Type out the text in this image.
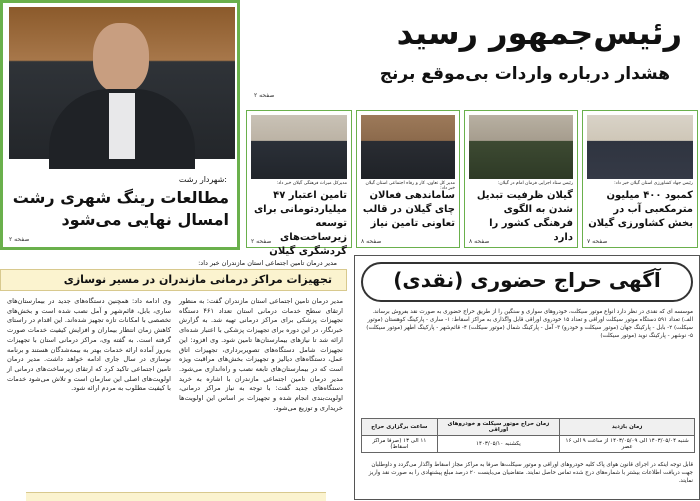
شهردار رشت:
مطالعات رینگ شهری رشت امسال نهایی می‌شود
صفحه ۲
رئیس‌جمهور رسید
هشدار درباره واردات بی‌موقع برنج
صفحه ۲
رئیس جهاد کشاورزی استان گیلان خبر داد:
کمبود ۴۰۰ میلیون مترمکعبی آب در بخش کشاورزی گیلان
صفحه ۷
رئیس ستاد اجرایی فرمان امام در گیلان:
گیلان ظرفیت تبدیل شدن به الگوی فرهنگی کشور را دارد
صفحه ۸
مدیر کل تعاون، کار و رفاه اجتماعی استان گیلان خبر داد:
ساماندهی فعالان چای گیلان در قالب تعاونی تامین نیاز
صفحه ۸
مدیرکل میراث فرهنگی گیلان خبر داد:
تامین اعتبار ۴۷ میلیاردتومانی برای توسعه زیرساخت‌های گردشگری گیلان
صفحه ۲
مدیر درمان تامین اجتماعی استان مازندران خبر داد:
تجهیزات مراکز درمانی مازندران در مسیر نوسازی
مدیر درمان تامین اجتماعی استان مازندران گفت: به منظور ارتقای سطح خدمات درمانی استان تعداد ۴۶۱ دستگاه تجهیزات پزشکی برای مراکز درمانی تهیه شد. به گزارش خبرنگار، در این دوره برای تجهیزات پزشکی با اعتبار شده‌ای ارائه شد تا نیازهای بیمارستان‌ها تامین شود. وی افزود: این تجهیزات شامل دستگاه‌های تصویربرداری، تجهیزات اتاق عمل، دستگاه‌های دیالیز و تجهیزات بخش‌های مراقبت ویژه است که در بیمارستان‌های تابعه نصب و راه‌اندازی می‌شود. مدیر درمان تامین اجتماعی مازندران با اشاره به خرید دستگاه‌های جدید گفت: با توجه به نیاز مراکز درمانی، اولویت‌بندی انجام شده و تجهیزات بر اساس این اولویت‌ها خریداری و توزیع می‌شود.
وی ادامه داد: همچنین دستگاه‌های جدید در بیمارستان‌های ساری، بابل، قائم‌شهر و آمل نصب شده است و بخش‌های تخصصی با امکانات تازه تجهیز شده‌اند. این اقدام در راستای کاهش زمان انتظار بیماران و افزایش کیفیت خدمات صورت گرفته است. به گفته وی، مراکز درمانی استان با تجهیزات به‌روز آماده ارائه خدمات بهتر به بیمه‌شدگان هستند و برنامه نوسازی در سال جاری ادامه خواهد داشت. مدیر درمان تامین اجتماعی تاکید کرد که ارتقای زیرساخت‌های درمانی از اولویت‌های اصلی این سازمان است و تلاش می‌شود خدمات با کیفیت مطلوب به مردم ارائه شود.
آگهی حراج حضوری (نقدی)
موسسه ای که نقدی در نظر دارد انواع موتور سیکلت، خودروهای سواری و سنگین را از طریق حراج حضوری به صورت نقد بفروش برساند. الف) تعداد ۵۹۱ دستگاه موتور سیکلت اوراقی و تعداد ۱۵ خودروی اوراقی قابل واگذاری به مراکز اسقاط: ۱- ساری - پارکینگ کوهستان (موتور سیکلت) ۲- بابل - پارکینگ جهان (موتور سیکلت و خودرو) ۳- آمل - پارکینگ شمال (موتور سیکلت) ۴- قائم‌شهر - پارکینگ اطهر (موتور سیکلت) ۵- نوشهر - پارکینگ نوید (موتور سیکلت)
زمان بازدید	زمان حراج موتور سیکلت و خودروهای اوراقی	ساعت برگزاری حراج
شنبه ۱۴۰۳/۰۵/۰۴ الی ۱۴۰۳/۰۵/۰۹ از ساعت ۹ الی ۱۶ عصر	یکشنبه ۱۴۰۳/۰۵/۱۰	۱۱ الی ۱۳ (صرفا مراکز اسقاط)
قابل توجه اینکه در اجرای قانون هوای پاک کلیه خودروهای اوراقی و موتور سیکلت‌ها صرفا به مراکز مجاز اسقاط واگذار می‌گردد و داوطلبان جهت دریافت اطلاعات بیشتر با شماره‌های درج شده تماس حاصل نمایند. متقاضیان می‌بایست ۲۰ درصد مبلغ پیشنهادی را به صورت نقد واریز نمایند.
